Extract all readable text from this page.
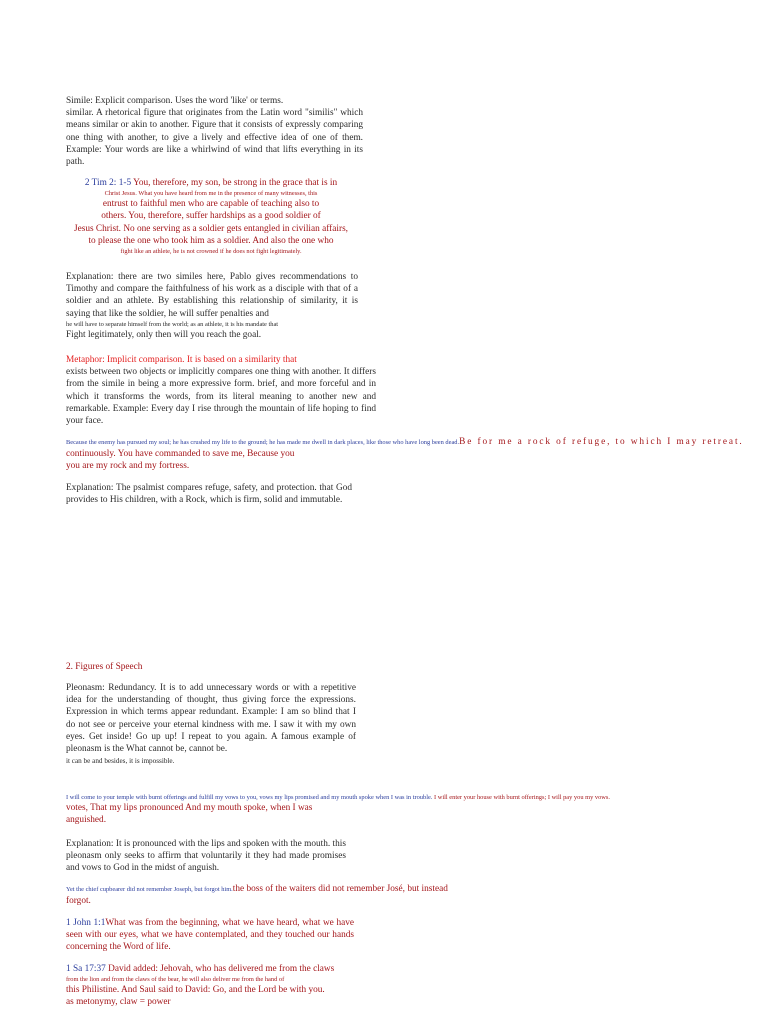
Simile: Explicit comparison. Uses the word 'like' or terms.

similar. A rhetorical figure that originates from the Latin word "similis" which means similar or akin to another. Figure that it consists of expressly comparing one thing with another, to give a lively and effective idea of one of them. Example: Your words are like a whirlwind of wind that lifts everything in its path.

2 Tim 2: 1-5 You, therefore, my son, be strong in the grace that is in

Christ Jesus. What you have heard from me in the presence of many witnesses, this

entrust to faithful men who are capable of teaching also to

others. You, therefore, suffer hardships as a good soldier of

Jesus Christ. No one serving as a soldier gets entangled in civilian affairs,

to please the one who took him as a soldier. And also the one who

fight like an athlete, he is not crowned if he does not fight legitimately.

Explanation: there are two similes here, Pablo gives recommendations to Timothy and compare the faithfulness of his work as a disciple with that of a soldier and an athlete. By establishing this relationship of similarity, it is saying that like the soldier, he will suffer penalties and

he will have to separate himself from the world; as an athlete, it is his mandate that

Fight legitimately, only then will you reach the goal.

Metaphor: Implicit comparison. It is based on a similarity that

exists between two objects or implicitly compares one thing with another. It differs from the simile in being a more expressive form. brief, and more forceful and in which it transforms the words, from its literal meaning to another new and remarkable. Example: Every day I rise through the mountain of life hoping to find your face.

Because the enemy has pursued my soul; he has crushed my life to the ground; he has made me dwell in dark places, like those who have long been dead.Be for me a rock of refuge, to which I may retreat.

continuously. You have commanded to save me, Because you

you are my rock and my fortress.

Explanation: The psalmist compares refuge, safety, and protection. that God provides to His children, with a Rock, which is firm, solid and immutable.

2. Figures of Speech

Pleonasm: Redundancy. It is to add unnecessary words or with a repetitive idea for the understanding of thought, thus giving force the expressions. Expression in which terms appear redundant. Example: I am so blind that I do not see or perceive your eternal kindness with me. I saw it with my own eyes. Get inside! Go up up! I repeat to you again. A famous example of pleonasm is the What cannot be, cannot be.

it can be and besides, it is impossible.

I will come to your temple with burnt offerings and fulfill my vows to you, vows my lips promised and my mouth spoke when I was in trouble. I will enter your house with burnt offerings; I will pay you my vows.

votes, That my lips pronounced And my mouth spoke, when I was

anguished.

Explanation: It is pronounced with the lips and spoken with the mouth. this pleonasm only seeks to affirm that voluntarily it they had made promises and vows to God in the midst of anguish.

Yet the chief cupbearer did not remember Joseph, but forgot him.the boss of the waiters did not remember José, but instead

forgot.

1 John 1:1What was from the beginning, what we have heard, what we have seen with our eyes, what we have contemplated, and they touched our hands concerning the Word of life.

1 Sa 17:37 David added: Jehovah, who has delivered me from the claws

from the lion and from the claws of the bear, he will also deliver me from the hand of

this Philistine. And Saul said to David: Go, and the Lord be with you.

as metonymy, claw = power
